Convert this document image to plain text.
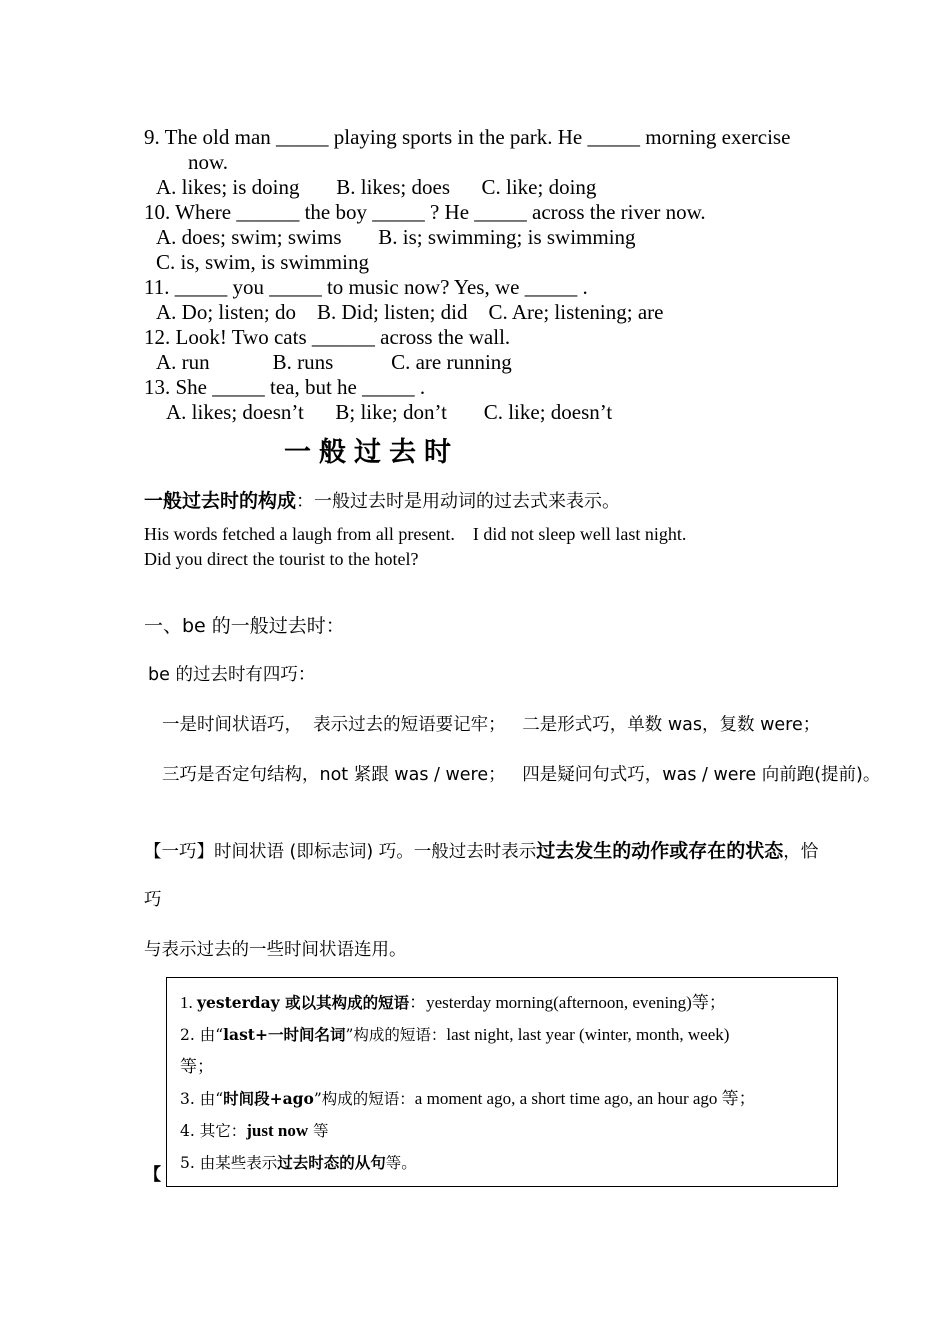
9. The old man _____ playing sports in the park. He _____ morning exercise
now.
A. likes; is doing       B. likes; does      C. like; doing
10. Where ______ the boy _____ ? He _____ across the river now.
A. does; swim; swims       B. is; swimming; is swimming
C. is, swim, is swimming
11. _____ you _____ to music now? Yes, we _____ .
A. Do; listen; do    B. Did; listen; did    C. Are; listening; are
12. Look! Two cats ______ across the wall.
A. run            B. runs           C. are running
13. She _____ tea, but he _____ .
A. likes; doesn’t      B; like; don’t       C. like; doesn’t
一般过去时
一般过去时的构成：一般过去时是用动词的过去式来表示。
His words fetched a laugh from all present.    I did not sleep well last night.
Did you direct the tourist to the hotel?
一、be 的一般过去时：
be 的过去时有四巧：
一是时间状语巧，  表示过去的短语要记牢；   二是形式巧，单数 was，复数 were；
三巧是否定句结构，not 紧跟 was / were；   四是疑问句式巧，was / were 向前跑(提前)。
【一巧】时间状语 (即标志词) 巧。一般过去时表示过去发生的动作或存在的状态，恰
巧
与表示过去的一些时间状语连用。
【
1. yesterday 或以其构成的短语：yesterday morning(afternoon, evening)等；
2. 由“last+一时间名词”构成的短语：last night, last year (winter, month, week)
等；
3. 由“时间段+ago”构成的短语：a moment ago, a short time ago, an hour ago 等；
4. 其它：just now 等
5. 由某些表示过去时态的从句等。
